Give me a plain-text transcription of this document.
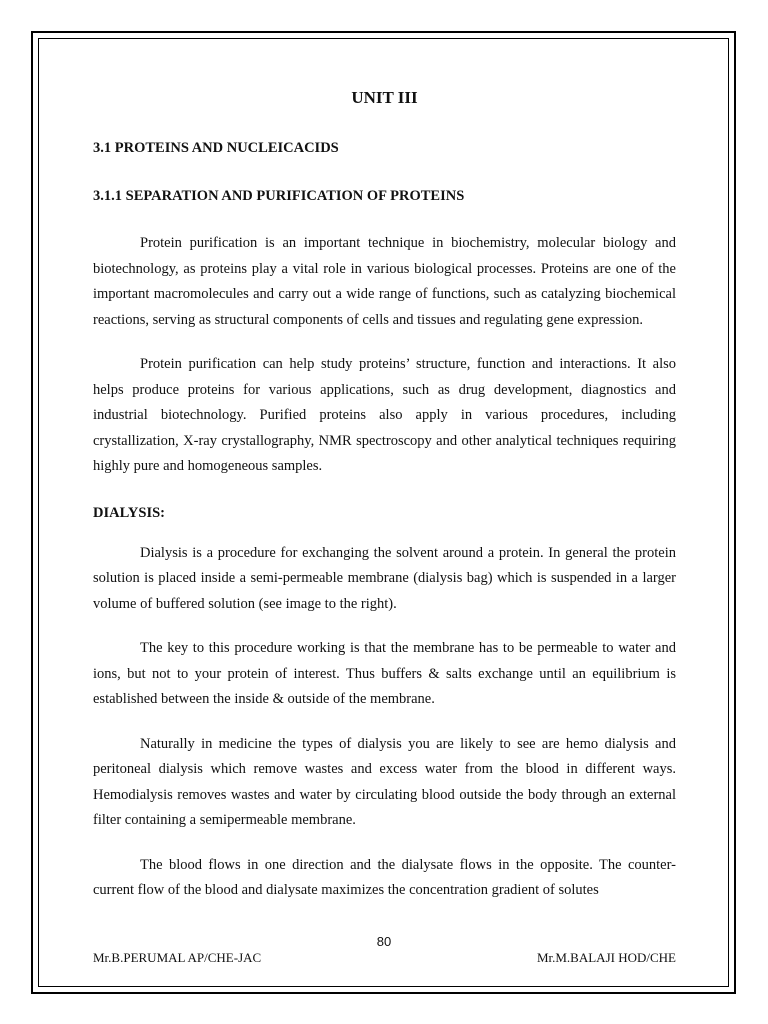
UNIT III
3.1 PROTEINS AND NUCLEICACIDS
3.1.1 SEPARATION AND PURIFICATION OF PROTEINS

Protein purification is an important technique in biochemistry, molecular biology and biotechnology, as proteins play a vital role in various biological processes. Proteins are one of the important macromolecules and carry out a wide range of functions, such as catalyzing biochemical reactions, serving as structural components of cells and tissues and regulating gene expression.

Protein purification can help study proteins’ structure, function and interactions. It also helps produce proteins for various applications, such as drug development, diagnostics and industrial biotechnology. Purified proteins also apply in various procedures, including crystallization, X-ray crystallography, NMR spectroscopy and other analytical techniques requiring highly pure and homogeneous samples.

DIALYSIS:

Dialysis is a procedure for exchanging the solvent around a protein. In general the protein solution is placed inside a semi-permeable membrane (dialysis bag) which is suspended in a larger volume of buffered solution (see image to the right).

The key to this procedure working is that the membrane has to be permeable to water and ions, but not to your protein of interest. Thus buffers & salts exchange until an equilibrium is established between the inside & outside of the membrane.

Naturally in medicine the types of dialysis you are likely to see are hemo dialysis and peritoneal dialysis which remove wastes and excess water from the blood in different ways. Hemodialysis removes wastes and water by circulating blood outside the body through an external filter containing a semipermeable membrane.

The blood flows in one direction and the dialysate flows in the opposite. The counter-current flow of the blood and dialysate maximizes the concentration gradient of solutes

80
Mr.B.PERUMAL AP/CHE-JAC	Mr.M.BALAJI HOD/CHE
